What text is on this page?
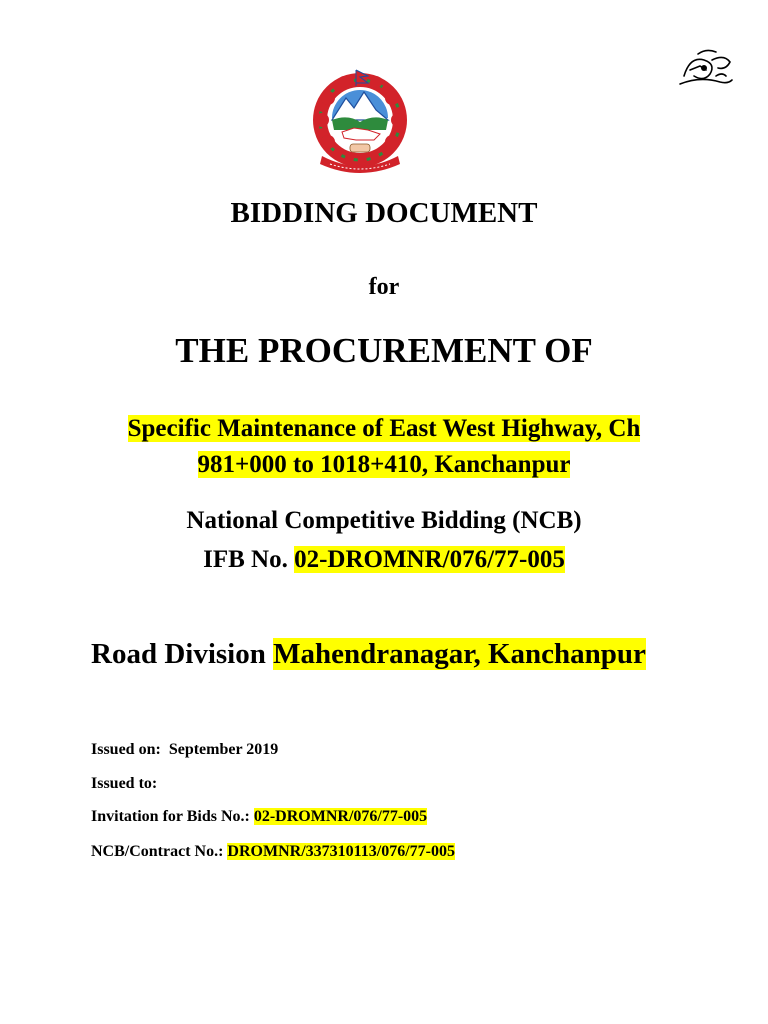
BIDDING DOCUMENT
for
THE PROCUREMENT OF
Specific Maintenance of East West Highway, Ch
981+000 to 1018+410, Kanchanpur
National Competitive Bidding (NCB)
IFB No. 02-DROMNR/076/77-005
Road Division Mahendranagar, Kanchanpur
Issued on: September 2019
Issued to:
Invitation for Bids No.: 02-DROMNR/076/77-005
NCB/Contract No.: DROMNR/337310113/076/77-005
